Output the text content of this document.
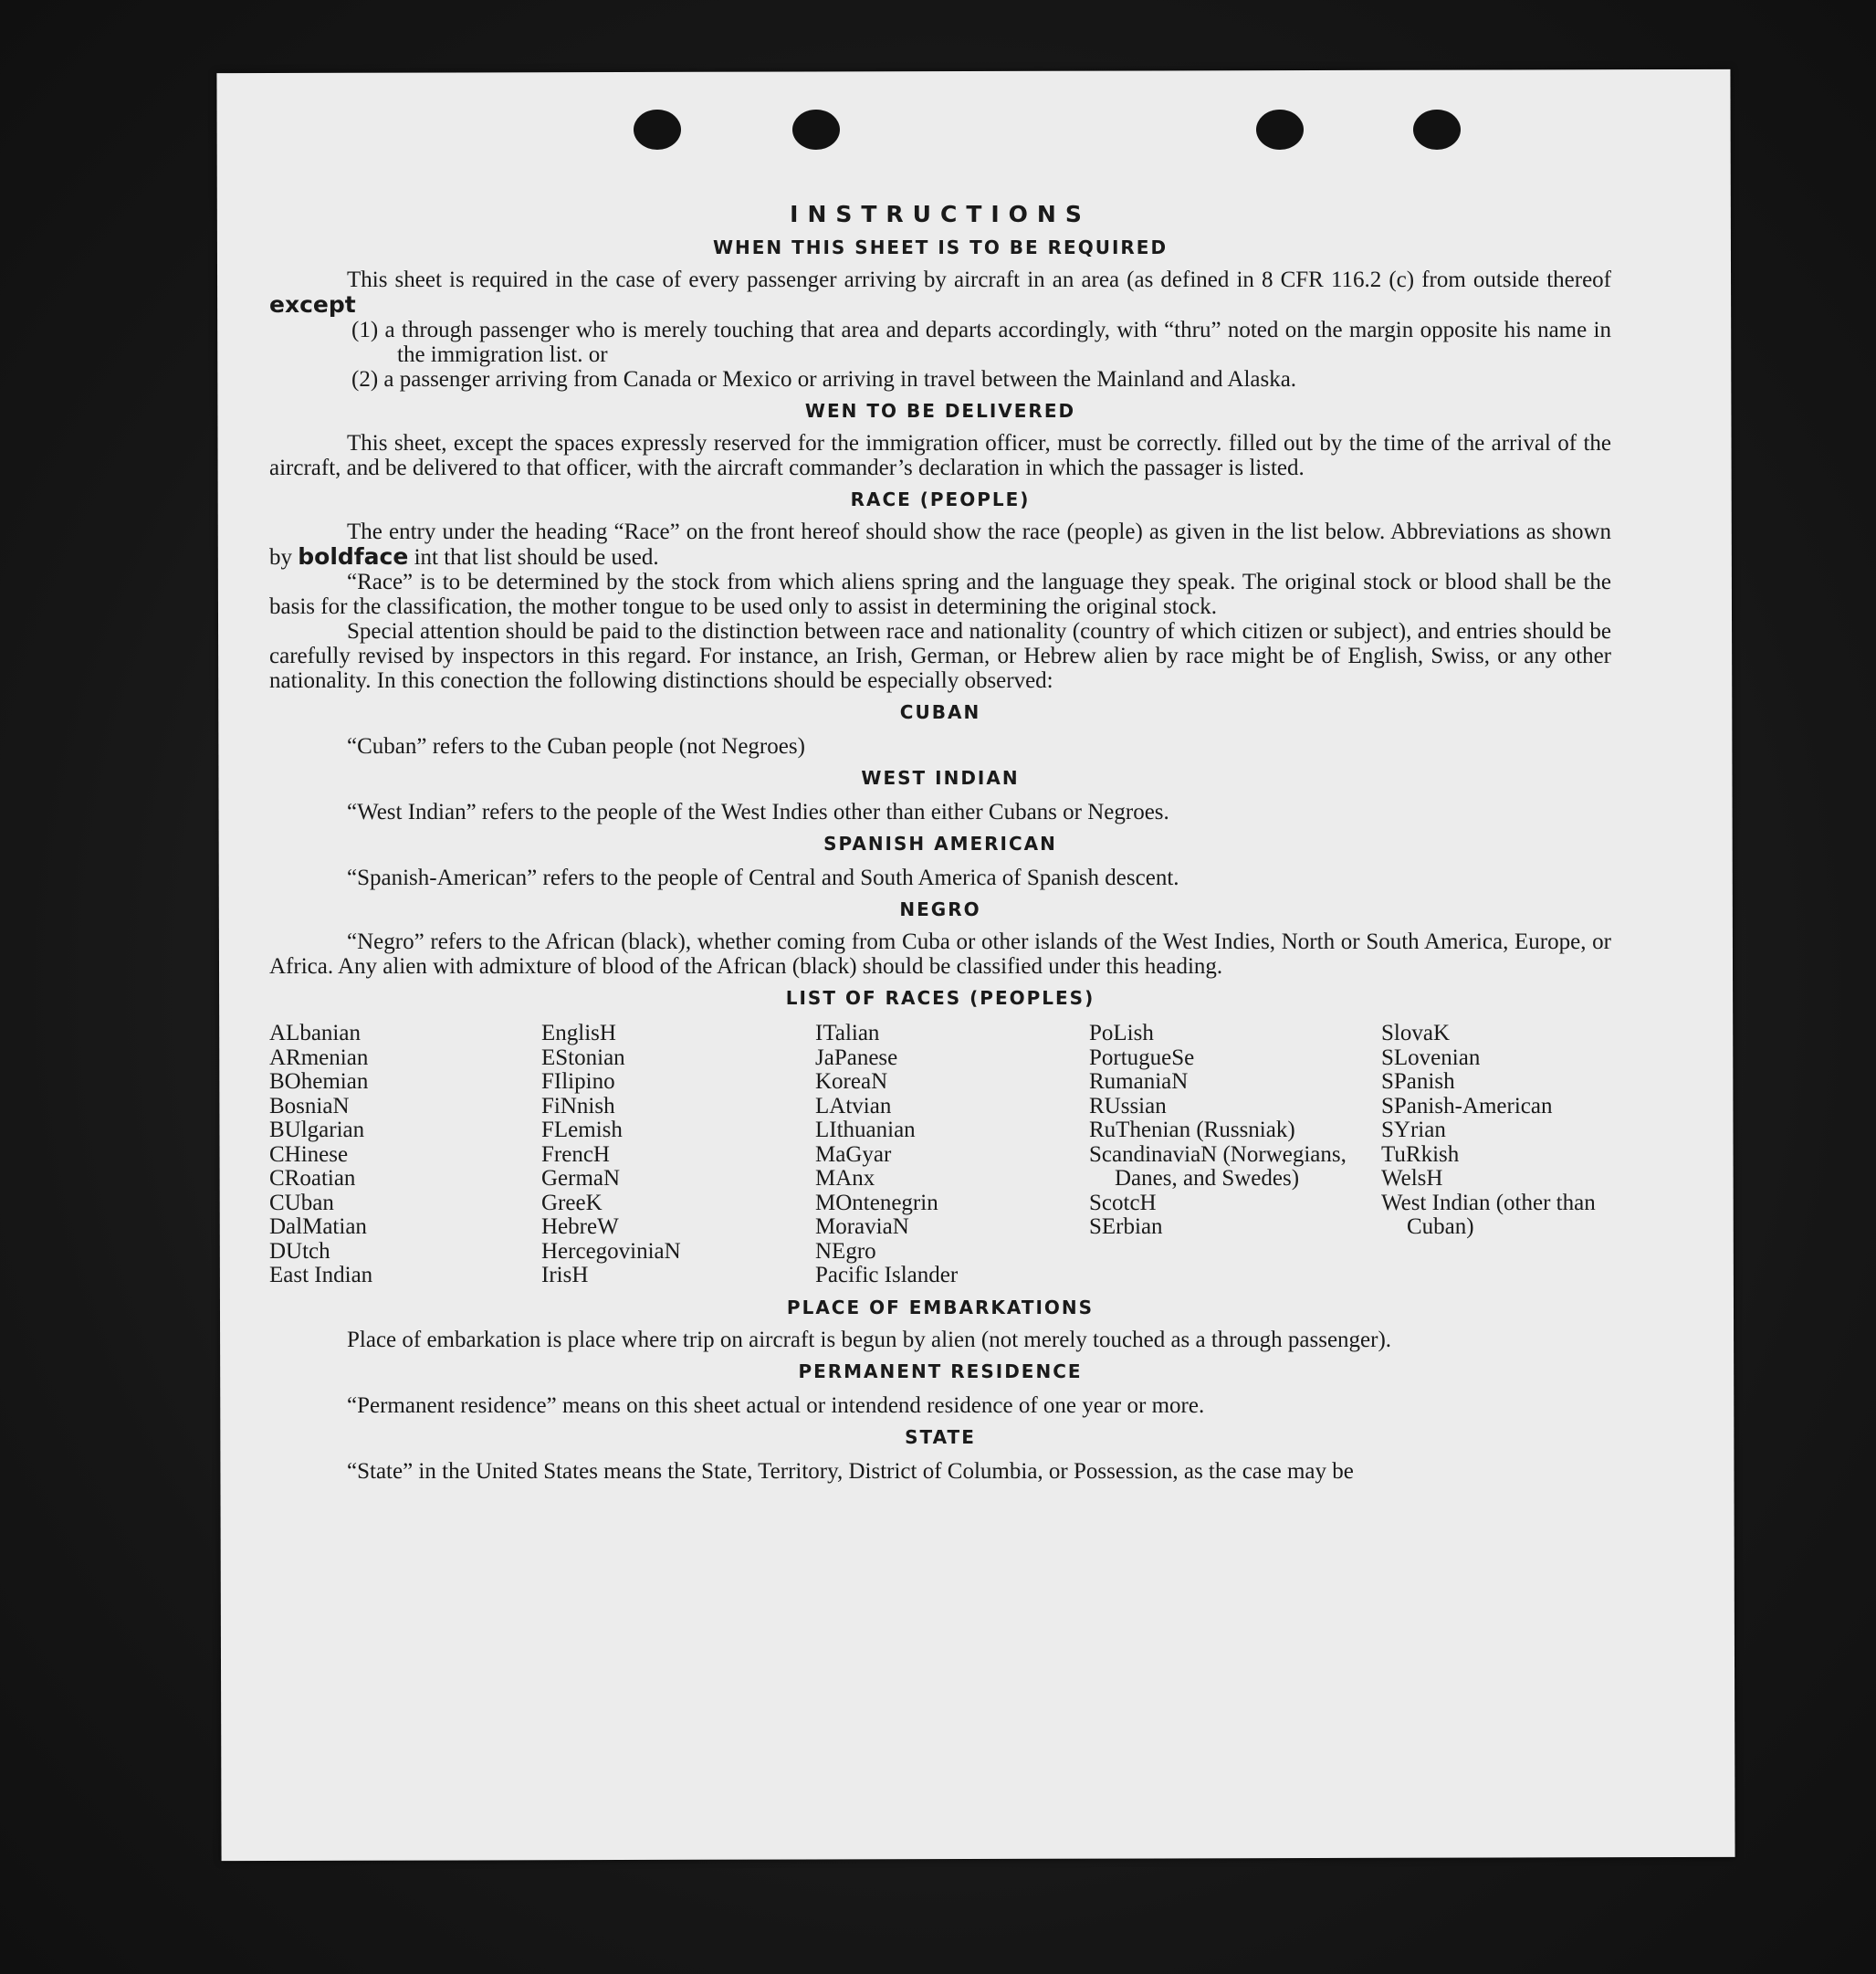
INSTRUCTIONS
WHEN THIS SHEET IS TO BE REQUIRED

This sheet is required in the case of every passenger arriving by aircraft in an area (as defined in 8 CFR 116.2 (c) from outside thereof except

(1) a through passenger who is merely touching that area and departs accordingly, with “thru” noted on the margin opposite his name in the immigration list. or

(2) a passenger arriving from Canada or Mexico or arriving in travel between the Mainland and Alaska.

WEN TO BE DELIVERED

This sheet, except the spaces expressly reserved for the immigration officer, must be correctly. filled out by the time of the arrival of the aircraft, and be delivered to that officer, with the aircraft commander’s declaration in which the passager is listed.

RACE (PEOPLE)

The entry under the heading “Race” on the front hereof should show the race (people) as given in the list below. Abbreviations as shown by boldface int that list should be used.

“Race” is to be determined by the stock from which aliens spring and the language they speak. The original stock or blood shall be the basis for the classification, the mother tongue to be used only to assist in determining the original stock.

Special attention should be paid to the distinction between race and nationality (country of which citizen or subject), and entries should be carefully revised by inspectors in this regard. For instance, an Irish, German, or Hebrew alien by race might be of English, Swiss, or any other nationality. In this conection the following distinctions should be especially observed:

CUBAN

“Cuban” refers to the Cuban people (not Negroes)

WEST INDIAN

“West Indian” refers to the people of the West Indies other than either Cubans or Negroes.

SPANISH AMERICAN

“Spanish-American” refers to the people of Central and South America of Spanish descent.

NEGRO

“Negro” refers to the African (black), whether coming from Cuba or other islands of the West Indies, North or South America, Europe, or Africa. Any alien with admixture of blood of the African (black) should be classified under this heading.

LIST OF RACES (PEOPLES)
ALbanian
ARmenian
BOhemian
BosniaN
BUlgarian
CHinese
CRoatian
CUban
DalMatian
DUtch
East Indian
EnglisH
EStonian
FIlipino
FiNnish
FLemish
FrencH
GermaN
GreeK
HebreW
HercegoviniaN
IrisH
ITalian
JaPanese
KoreaN
LAtvian
LIthuanian
MaGyar
MAnx
MOntenegrin
MoraviaN
NEgro
Pacific Islander
PoLish
PortugueSe
RumaniaN
RUssian
RuThenian (Russniak)
ScandinaviaN (Norwegians, Danes, and Swedes)
ScotcH
SErbian
SlovaK
SLovenian
SPanish
SPanish-American
SYrian
TuRkish
WelsH
West Indian (other than Cuban)
PLACE OF EMBARKATIONS

Place of embarkation is place where trip on aircraft is begun by alien (not merely touched as a through passenger).

PERMANENT RESIDENCE

“Permanent residence” means on this sheet actual or intendend residence of one year or more.

STATE

“State” in the United States means the State, Territory, District of Columbia, or Possession, as the case may be
